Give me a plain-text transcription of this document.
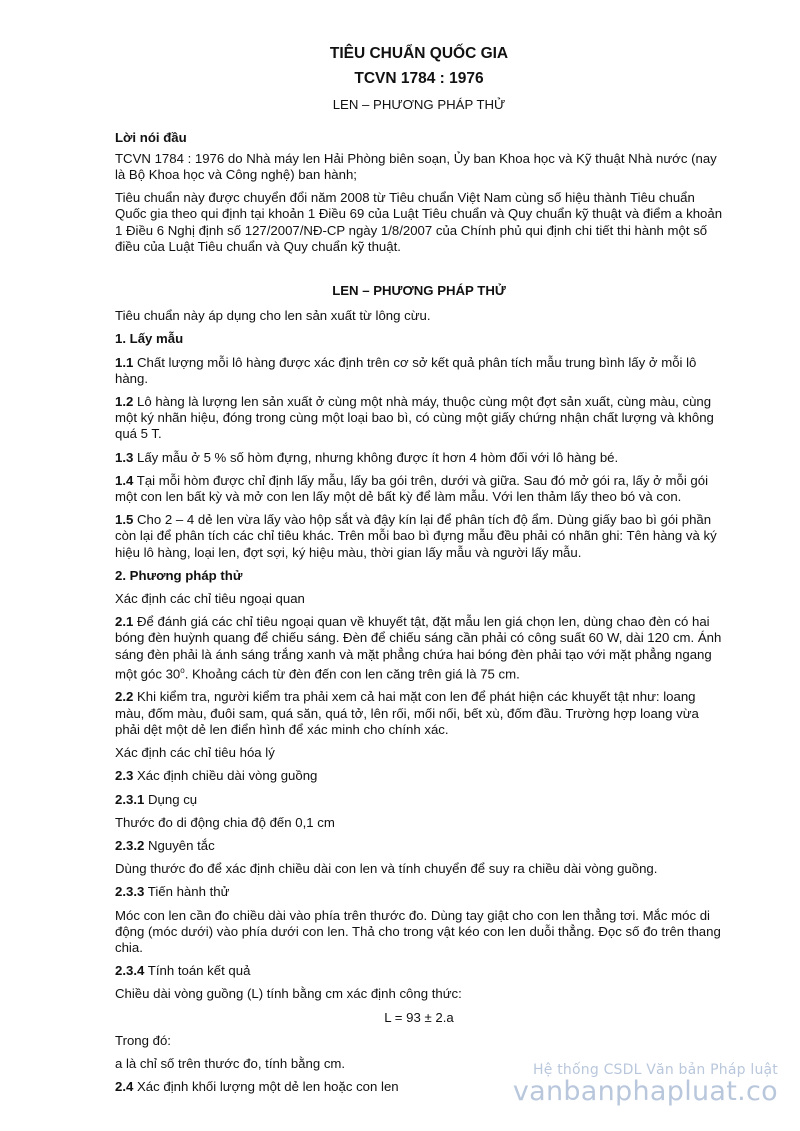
TIÊU CHUẨN QUỐC GIA

TCVN 1784 : 1976

LEN – PHƯƠNG PHÁP THỬ

Lời nói đầu

TCVN 1784 : 1976 do Nhà máy len Hải Phòng biên soạn, Ủy ban Khoa học và Kỹ thuật Nhà nước (nay là Bộ Khoa học và Công nghệ) ban hành;

Tiêu chuẩn này được chuyển đổi năm 2008 từ Tiêu chuẩn Việt Nam cùng số hiệu thành Tiêu chuẩn Quốc gia theo qui định tại khoản 1 Điều 69 của Luật Tiêu chuẩn và Quy chuẩn kỹ thuật và điểm a khoản 1 Điều 6 Nghị định số 127/2007/NĐ-CP ngày 1/8/2007 của Chính phủ qui định chi tiết thi hành một số điều của Luật Tiêu chuẩn và Quy chuẩn kỹ thuật.

LEN – PHƯƠNG PHÁP THỬ

Tiêu chuẩn này áp dụng cho len sản xuất từ lông cừu.

1. Lấy mẫu

1.1 Chất lượng mỗi lô hàng được xác định trên cơ sở kết quả phân tích mẫu trung bình lấy ở mỗi lô hàng.

1.2 Lô hàng là lượng len sản xuất ở cùng một nhà máy, thuộc cùng một đợt sản xuất, cùng màu, cùng một ký nhãn hiệu, đóng trong cùng một loại bao bì, có cùng một giấy chứng nhận chất lượng và không quá 5 T.

1.3 Lấy mẫu ở 5 % số hòm đựng, nhưng không được ít hơn 4 hòm đối với lô hàng bé.

1.4 Tại mỗi hòm được chỉ định lấy mẫu, lấy ba gói trên, dưới và giữa. Sau đó mở gói ra, lấy ở mỗi gói một con len bất kỳ và mở con len lấy một dẻ bất kỳ để làm mẫu. Với len thảm lấy theo bó và con.

1.5 Cho 2 – 4 dẻ len vừa lấy vào hộp sắt và đậy kín lại để phân tích độ ẩm. Dùng giấy bao bì gói phần còn lại để phân tích các chỉ tiêu khác. Trên mỗi bao bì đựng mẫu đều phải có nhãn ghi: Tên hàng và ký hiệu lô hàng, loại len, đợt sợi, ký hiệu màu, thời gian lấy mẫu và người lấy mẫu.

2. Phương pháp thử

Xác định các chỉ tiêu ngoại quan

2.1 Để đánh giá các chỉ tiêu ngoại quan về khuyết tật, đặt mẫu len giá chọn len, dùng chao đèn có hai bóng đèn huỳnh quang để chiếu sáng. Đèn để chiếu sáng cần phải có công suất 60 W, dài 120 cm. Ánh sáng đèn phải là ánh sáng trắng xanh và mặt phẳng chứa hai bóng đèn phải tạo với mặt phẳng ngang một góc 30$^o$. Khoảng cách từ đèn đến con len căng trên giá là 75 cm.

2.2 Khi kiểm tra, người kiểm tra phải xem cả hai mặt con len để phát hiện các khuyết tật như: loang màu, đốm màu, đuôi sam, quá săn, quá tở, lên rối, mối nối, bết xù, đốm đầu. Trường hợp loang vừa phải dệt một dẻ len điển hình để xác minh cho chính xác.

Xác định các chỉ tiêu hóa lý

2.3 Xác định chiều dài vòng guồng

2.3.1 Dụng cụ

Thước đo di động chia độ đến 0,1 cm

2.3.2 Nguyên tắc

Dùng thước đo để xác định chiều dài con len và tính chuyển để suy ra chiều dài vòng guồng.

2.3.3 Tiến hành thử

Móc con len cần đo chiều dài vào phía trên thước đo. Dùng tay giật cho con len thẳng tơi. Mắc móc di động (móc dưới) vào phía dưới con len. Thả cho trong vật kéo con len duỗi thẳng. Đọc số đo trên thang chia.

2.3.4 Tính toán kết quả

Chiều dài vòng guồng (L) tính bằng cm xác định công thức:

L = 93 ± 2.a

Trong đó:

a là chỉ số trên thước đo, tính bằng cm.

2.4 Xác định khối lượng một dẻ len hoặc con len

Hệ thống CSDL Văn bản Pháp luật
vanbanphapluat.co
